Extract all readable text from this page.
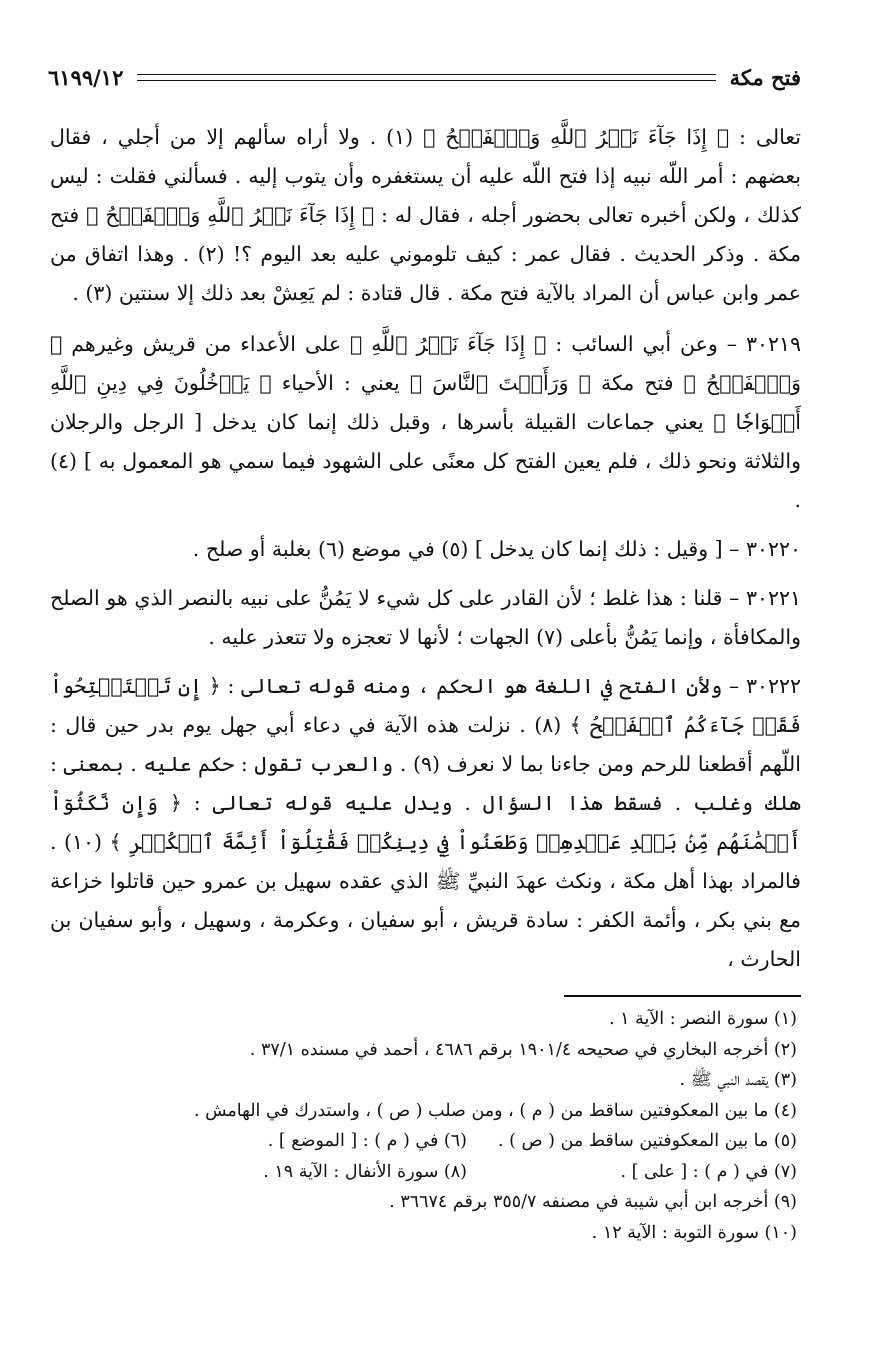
فتح مكة
٦١٩٩/١٢

تعالى : ﴿ إِذَا جَآءَ نَصۡرُ ٱللَّهِ وَٱلۡفَتۡحُ ﴾ (١) . ولا أراه سألهم إلا من أجلي ، فقال بعضهم : أمر اللّه نبيه إذا فتح اللّه عليه أن يستغفره وأن يتوب إليه . فسألني فقلت : ليس كذلك ، ولكن أخبره تعالى بحضور أجله ، فقال له : ﴿ إِذَا جَآءَ نَصۡرُ ٱللَّهِ وَٱلۡفَتۡحُ ﴾ فتح مكة . وذكر الحديث . فقال عمر : كيف تلوموني عليه بعد اليوم ؟! (٢) . وهذا اتفاق من عمر وابن عباس أن المراد بالآية فتح مكة . قال قتادة : لم يَعِشْ بعد ذلك إلا سنتين (٣) .

٣٠٢١٩ – وعن أبي السائب : ﴿ إِذَا جَآءَ نَصۡرُ ٱللَّهِ ﴾ على الأعداء من قريش وغيرهم ﴿ وَٱلۡفَتۡحُ ﴾ فتح مكة ﴿ وَرَأَيۡتَ ٱلنَّاسَ ﴾ يعني : الأحياء ﴿ يَدۡخُلُونَ فِي دِينِ ٱللَّهِ أَفۡوَاجٗا ﴾ يعني جماعات القبيلة بأسرها ، وقبل ذلك إنما كان يدخل [ الرجل والرجلان والثلاثة ونحو ذلك ، فلم يعين الفتح كل معنًى على الشهود فيما سمي هو المعمول به ] (٤) .

٣٠٢٢٠ – [ وقيل : ذلك إنما كان يدخل ] (٥) في موضع (٦) بغلبة أو صلح .

٣٠٢٢١ – قلنا : هذا غلط ؛ لأن القادر على كل شيء لا يَمُنُّ على نبيه بالنصر الذي هو الصلح والمكافأة ، وإنما يَمُنُّ بأعلى (٧) الجهات ؛ لأنها لا تعجزه ولا تتعذر عليه .

٣٠٢٢٢ – ولأن الفتح في اللغة هو الحكم ، ومنه قوله تعالى : ﴿ إِن تَسۡتَفۡتِحُواْ فَقَدۡ جَآءَكُمُ ٱلۡفَتۡحُ ﴾ (٨) . نزلت هذه الآية في دعاء أبي جهل يوم بدر حين قال : اللّهم أقطعنا للرحم ومن جاءنا بما لا نعرف (٩) . والعرب تقول : حكم عليه . بمعنى : هلك وغلب . فسقط هذا السؤال . ويدل عليه قوله تعالى : ﴿ وَإِن نَّكَثُوٓاْ أَيۡمَٰنَهُم مِّنۢ بَعۡدِ عَهۡدِهِمۡ وَطَعَنُواْ فِي دِينِكُمۡ فَقَٰتِلُوٓاْ أَئِمَّةَ ٱلۡكُفۡرِ ﴾ (١٠) . فالمراد بهذا أهل مكة ، ونكث عهدَ النبيِّ ﷺ الذي عقده سهيل بن عمرو حين قاتلوا خزاعة مع بني بكر ، وأئمة الكفر : سادة قريش ، أبو سفيان ، وعكرمة ، وسهيل ، وأبو سفيان بن الحارث ،

(١) سورة النصر : الآية ١ .
(٢) أخرجه البخاري في صحيحه ١٩٠١/٤ برقم ٤٦٨٦ ، أحمد في مسنده ٣٧/١ .
(٣) يقصد النبي ﷺ .
(٤) ما بين المعكوفتين ساقط من ( م ) ، ومن صلب ( ص ) ، واستدرك في الهامش .
(٥) ما بين المعكوفتين ساقط من ( ص ) .
(٦) في ( م ) : [ الموضع ] .
(٧) في ( م ) : [ على ] .
(٨) سورة الأنفال : الآية ١٩ .
(٩) أخرجه ابن أبي شيبة في مصنفه ٣٥٥/٧ برقم ٣٦٦٧٤ .
(١٠) سورة التوبة : الآية ١٢ .
